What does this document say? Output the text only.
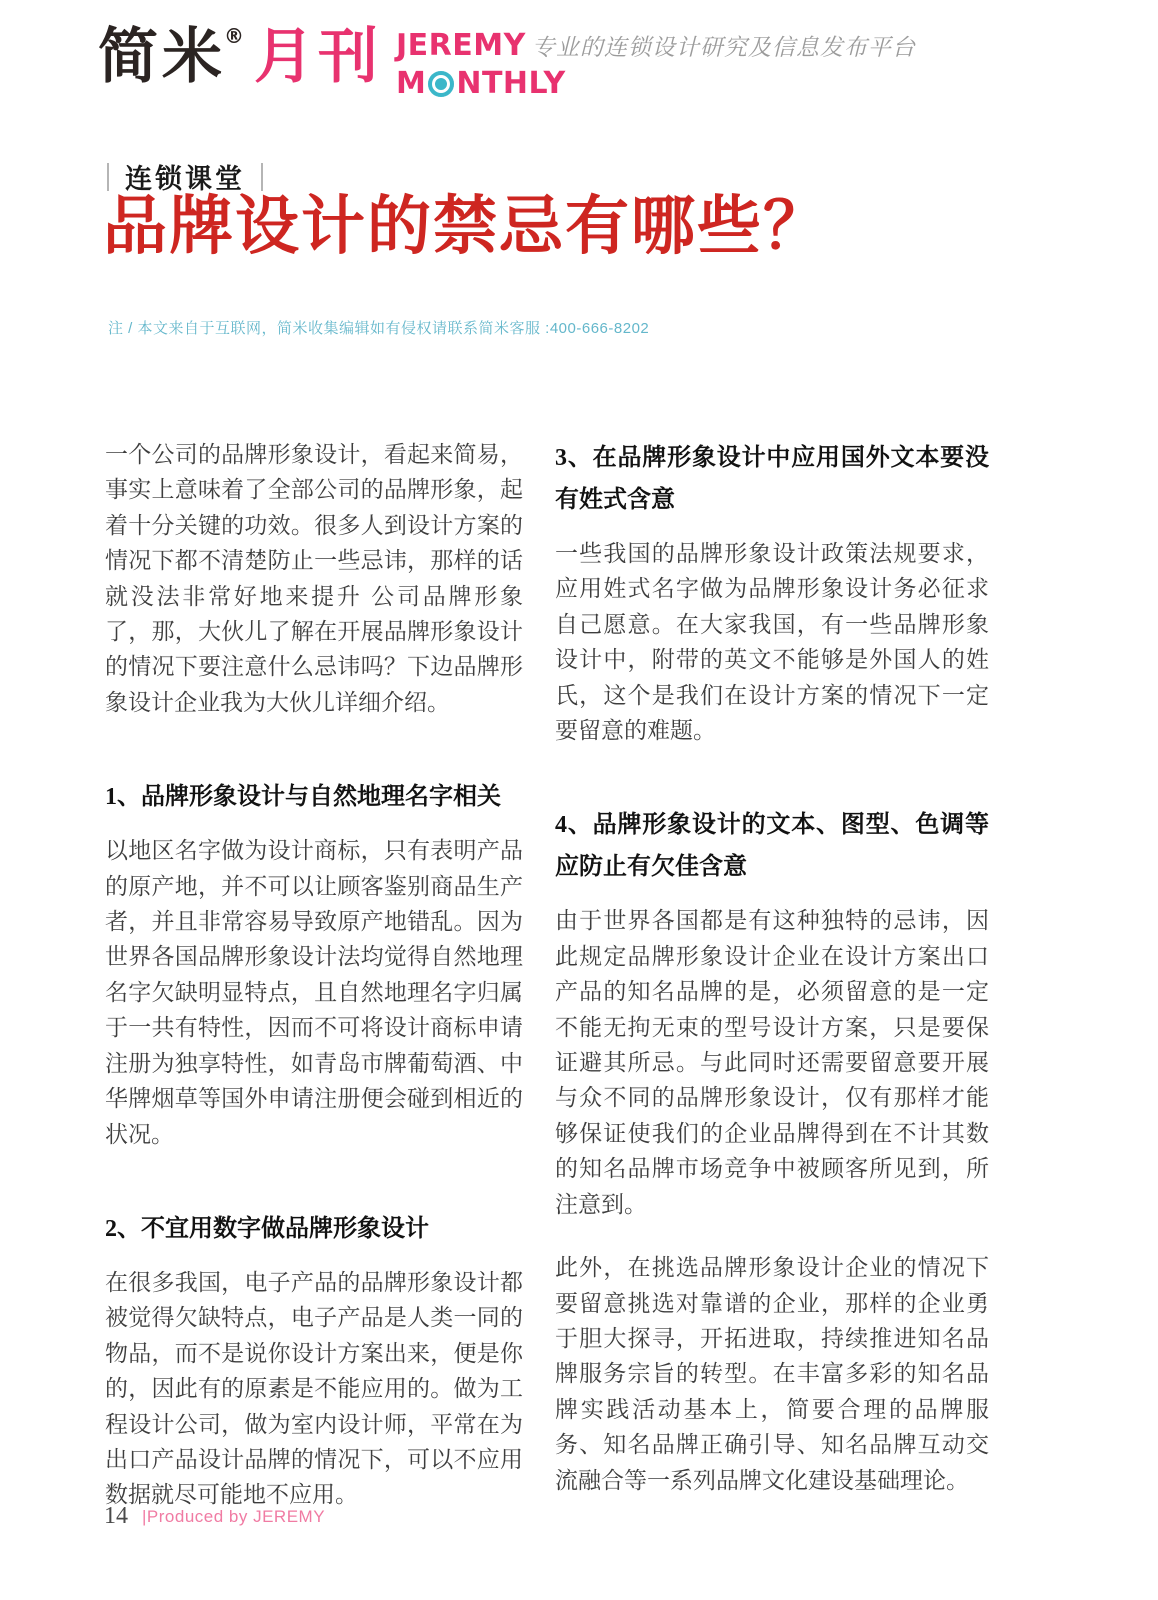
简米® 月刊 JEREMY 专业的连锁设计研究及信息发布平台
M NTHLY
连锁课堂
品牌设计的禁忌有哪些？
注 / 本文来自于互联网，简米收集编辑如有侵权请联系简米客服 :400-666-8202

一个公司的品牌形象设计，看起来简易，事实上意味着了全部公司的品牌形象，起着十分关键的功效。很多人到设计方案的情况下都不清楚防止一些忌讳，那样的话就没法非常好地来提升 公司品牌形象了，那，大伙儿了解在开展品牌形象设计的情况下要注意什么忌讳吗？下边品牌形象设计企业我为大伙儿详细介绍。

1、品牌形象设计与自然地理名字相关

以地区名字做为设计商标，只有表明产品的原产地，并不可以让顾客鉴别商品生产者，并且非常容易导致原产地错乱。因为世界各国品牌形象设计法均觉得自然地理名字欠缺明显特点，且自然地理名字归属于一共有特性，因而不可将设计商标申请注册为独享特性，如青岛市牌葡萄酒、中华牌烟草等国外申请注册便会碰到相近的状况。

2、不宜用数字做品牌形象设计

在很多我国，电子产品的品牌形象设计都被觉得欠缺特点，电子产品是人类一同的物品，而不是说你设计方案出来，便是你的，因此有的原素是不能应用的。做为工程设计公司，做为室内设计师，平常在为出口产品设计品牌的情况下，可以不应用数据就尽可能地不应用。

3、在品牌形象设计中应用国外文本要没有姓式含意

一些我国的品牌形象设计政策法规要求，应用姓式名字做为品牌形象设计务必征求自己愿意。在大家我国，有一些品牌形象设计中，附带的英文不能够是外国人的姓氏，这个是我们在设计方案的情况下一定要留意的难题。

4、品牌形象设计的文本、图型、色调等应防止有欠佳含意

由于世界各国都是有这种独特的忌讳，因此规定品牌形象设计企业在设计方案出口产品的知名品牌的是，必须留意的是一定不能无拘无束的型号设计方案，只是要保证避其所忌。与此同时还需要留意要开展与众不同的品牌形象设计，仅有那样才能够保证使我们的企业品牌得到在不计其数的知名品牌市场竞争中被顾客所见到，所注意到。

此外，在挑选品牌形象设计企业的情况下要留意挑选对靠谱的企业，那样的企业勇于胆大探寻，开拓进取，持续推进知名品牌服务宗旨的转型。在丰富多彩的知名品牌实践活动基本上，简要合理的品牌服务、知名品牌正确引导、知名品牌互动交流融合等一系列品牌文化建设基础理论。

14 |Produced by JEREMY
